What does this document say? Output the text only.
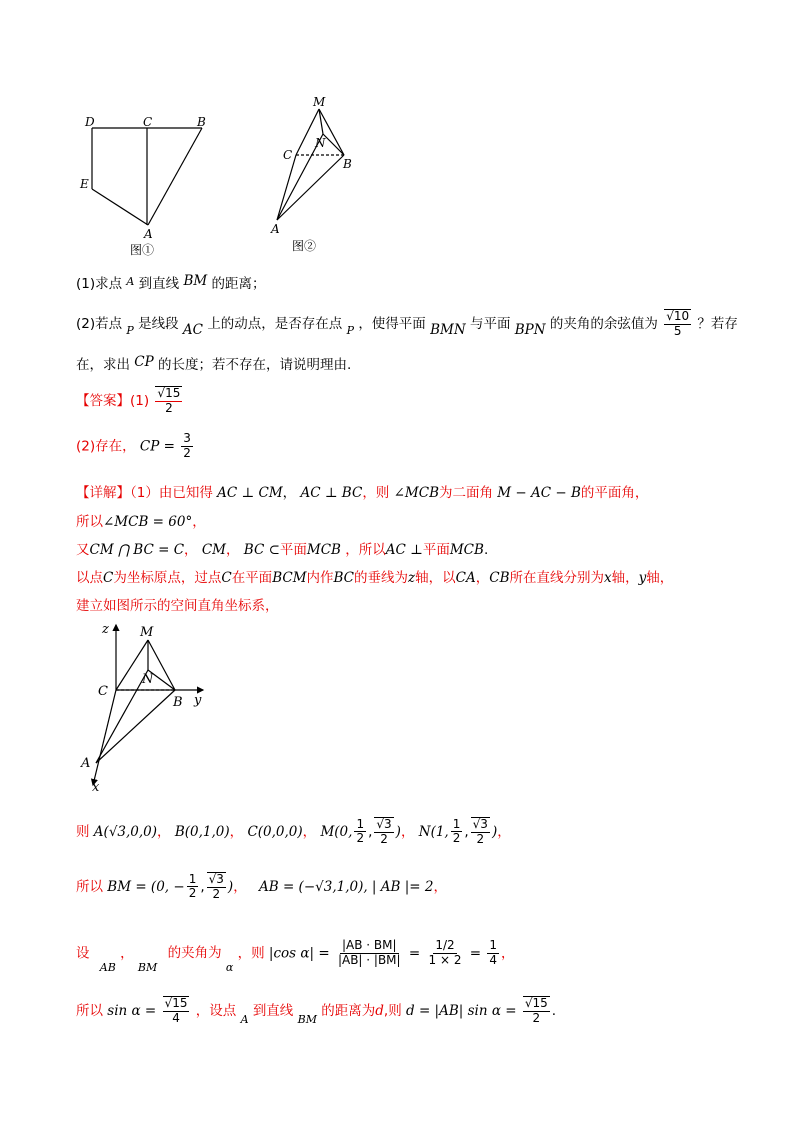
D	C	B
E
A
图①
M
N
C
B
A
图②
(1)求点 $^A$ 到直线 BM 的距离；
(2)若点 $_P$ 是线段 AC 上的动点，是否存在点 $_P$ ，使得平面 BMN 与平面 BPN 的夹角的余弦值为 $\frac{√10}{5}$ ？若存
在，求出 CP 的长度；若不存在，请说明理由.
【答案】$(1) \frac{√15}{2}$
(2)存在， CP = $\frac{3}{2}$
【详解】（1）由已知得 AC ⊥ CM， AC ⊥ BC，则 ∠MCB为二面角 M − AC − B的平面角，
所以∠MCB = 60°，
又CM ⋂ BC = C， CM， BC ⊂平面MCB ，所以AC ⊥平面MCB.
以点C为坐标原点，过点C在平面BCM内作BC的垂线为z轴，以CA，CB所在直线分别为x轴，y轴，
建立如图所示的空间直角坐标系，
z M
N
C
B y
A
x
则 A(√3,0,0)， B(0,1,0)， C(0,0,0)， M(0, $\frac{1}{2}$ , $\frac{√3}{2}$ )， N(1, $\frac{1}{2}$ , $\frac{√3}{2}$ )，
所以 BM = (0, − $\frac{1}{2}$ , $\frac{√3}{2}$ )， AB = (−√3,1,0), | AB |= 2，
设 $_{AB}$ ， $_{BM}$ 的夹角为 $_\alpha$ ，则 |cos $\alpha| = \frac{|AB \cdot BM|}{|AB| \cdot |BM|} = \frac{1/2}{1 \times 2} = \frac{1}{4}$ ，
所以 $\sin \alpha = \frac{√15}{4}$ ，设点 $_A$ 到直线 $_{BM}$ 的距离为d,则 d = |AB| $\sin \alpha = \frac{√15}{2}$ .
